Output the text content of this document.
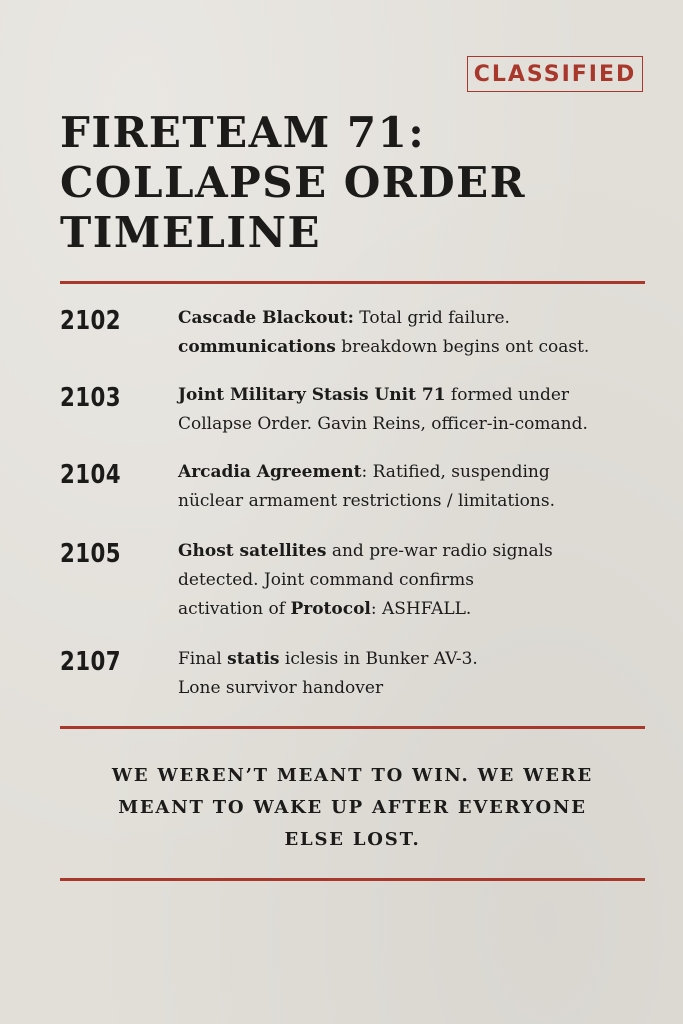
CLASSIFIED
FIRETEAM 71:
COLLAPSE ORDER
TIMELINE
2102	Cascade Blackout: Total grid failure.
communications breakdown begins ont coast.
2103	Joint Military Stasis Unit 71 formed under
Collapse Order. Gavin Reins, officer-in-comand.
2104	Arcadia Agreement: Ratified, suspending
nüclear armament restrictions / limitations.
2105	Ghost satellites and pre-war radio signals
detected. Joint command confirms
activation of Protocol: ASHFALL.
2107	Final statis iclesis in Bunker AV-3.
Lone survivor handover
WE WEREN’T MEANT TO WIN. WE WERE
MEANT TO WAKE UP AFTER EVERYONE
ELSE LOST.
